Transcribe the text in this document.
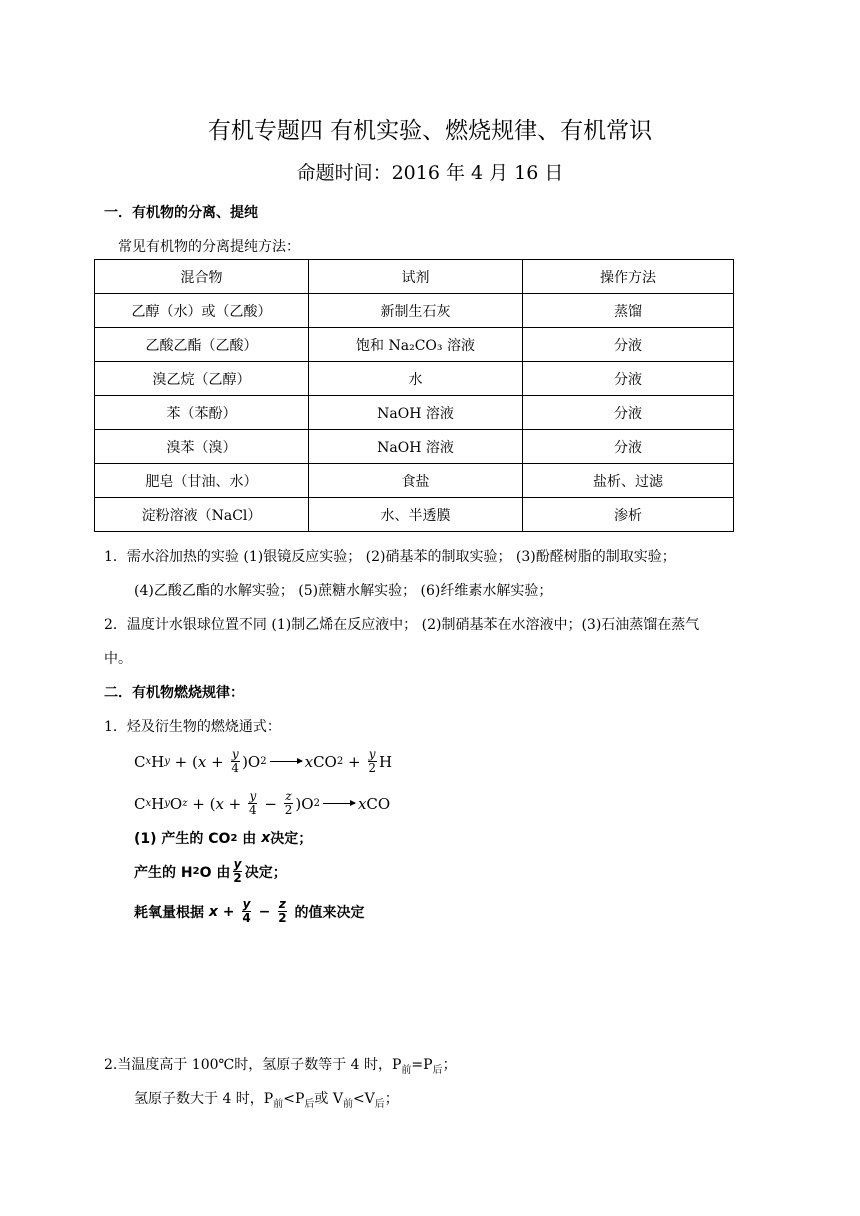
有机专题四 有机实验、燃烧规律、有机常识
命题时间：2016 年 4 月 16 日
一．有机物的分离、提纯
常见有机物的分离提纯方法：
混合物	试剂	操作方法
乙醇（水）或（乙酸）	新制生石灰	蒸馏
乙酸乙酯（乙酸）	饱和 Na₂CO₃ 溶液	分液
溴乙烷（乙醇）	水	分液
苯（苯酚）	NaOH 溶液	分液
溴苯（溴）	NaOH 溶液	分液
肥皂（甘油、水）	食盐	盐析、过滤
淀粉溶液（NaCl）	水、半透膜	渗析
1．需水浴加热的实验 (1)银镜反应实验； (2)硝基苯的制取实验； (3)酚醛树脂的制取实验；
(4)乙酸乙酯的水解实验； (5)蔗糖水解实验； (6)纤维素水解实验；
2．温度计水银球位置不同 (1)制乙烯在反应液中； (2)制硝基苯在水溶液中；(3)石油蒸馏在蒸气
中。
二．有机物燃烧规律：
1．烃及衍生物的燃烧通式：
C x H y + ( $x + \frac{y}{4} )O$ 2 → x CO $2 + \frac{y}{2}$ H
C x H y O z + ( $x + \frac{y}{4} - \frac{z}{2} )O$ 2 → x CO
(1) 产生的 CO 2 由 x 决定；
产生的 H 2 O 由 $\frac{y}{2}$ 决定；
耗氧量根据 $x + \frac{y}{4} - \frac{z}{2}$ 的值来决定
2.当温度高于 100℃时，氢原子数等于 4 时，$P_前=P_后$；
氢原子数大于 4 时，$P_前<P_后$或 $V_前<V_后$；
